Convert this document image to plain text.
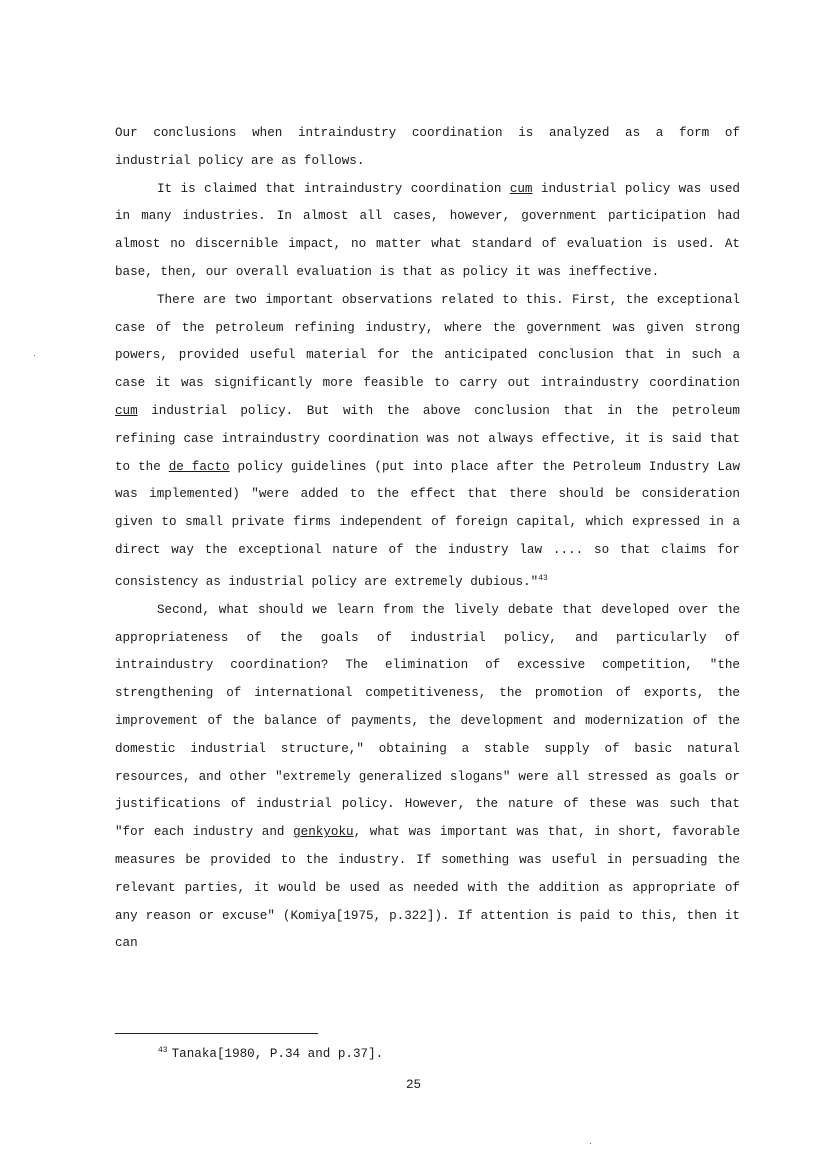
Our conclusions when intraindustry coordination is analyzed as a form of industrial policy are as follows.

It is claimed that intraindustry coordination cum industrial policy was used in many industries. In almost all cases, however, government participation had almost no discernible impact, no matter what standard of evaluation is used. At base, then, our overall evaluation is that as policy it was ineffective.

There are two important observations related to this. First, the exceptional case of the petroleum refining industry, where the government was given strong powers, provided useful material for the anticipated conclusion that in such a case it was significantly more feasible to carry out intraindustry coordination cum industrial policy. But with the above conclusion that in the petroleum refining case intraindustry coordination was not always effective, it is said that to the de facto policy guidelines (put into place after the Petroleum Industry Law was implemented) "were added to the effect that there should be consideration given to small private firms independent of foreign capital, which expressed in a direct way the exceptional nature of the industry law .... so that claims for consistency as industrial policy are extremely dubious."$^{43}$

Second, what should we learn from the lively debate that developed over the appropriateness of the goals of industrial policy, and particularly of intraindustry coordination? The elimination of excessive competition, "the strengthening of international competitiveness, the promotion of exports, the improvement of the balance of payments, the development and modernization of the domestic industrial structure," obtaining a stable supply of basic natural resources, and other "extremely generalized slogans" were all stressed as goals or justifications of industrial policy. However, the nature of these was such that "for each industry and genkyoku, what was important was that, in short, favorable measures be provided to the industry. If something was useful in persuading the relevant parties, it would be used as needed with the addition as appropriate of any reason or excuse" (Komiya[1975, p.322]). If attention is paid to this, then it can

$^{43}$ Tanaka[1980, P.34 and p.37].
25
